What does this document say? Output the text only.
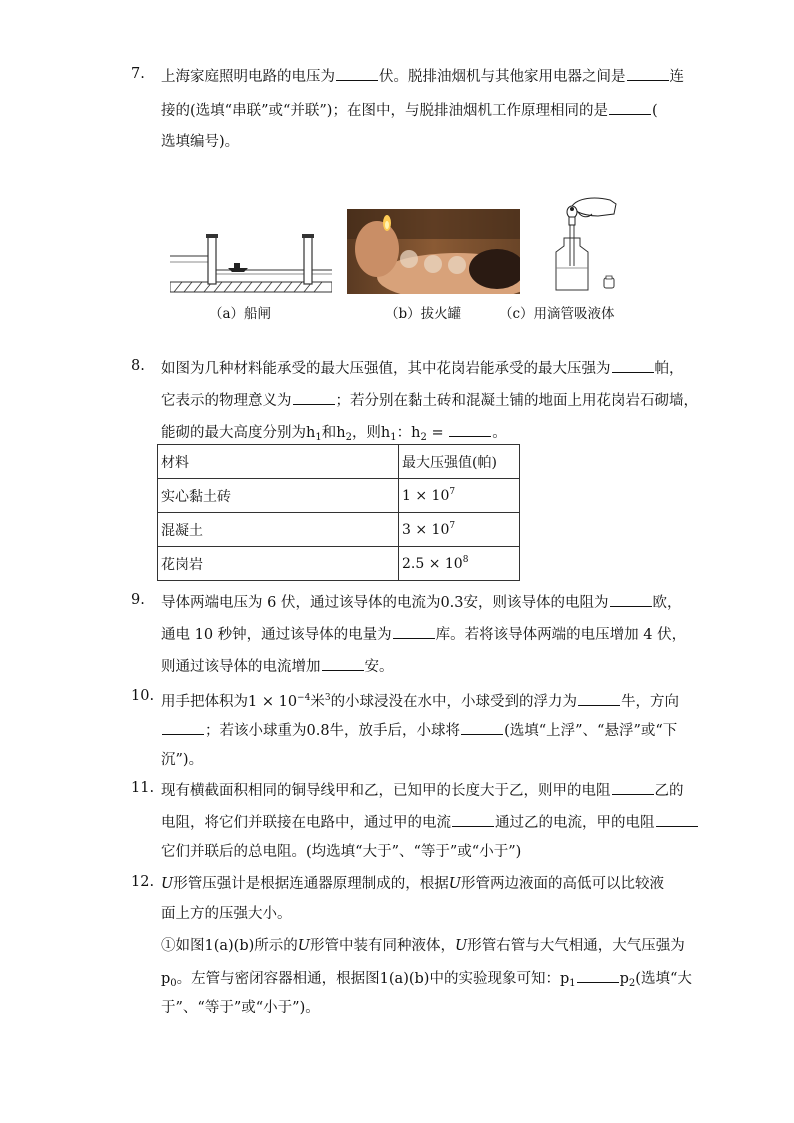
7. 上海家庭照明电路的电压为	伏。脱排油烟机与其他家用电器之间是	连
接的(选填“串联”或“并联”)；在图中，与脱排油烟机工作原理相同的是	(
选填编号)。
（a）船闸	（b）拔火罐	（c）用滴管吸液体
8. 如图为几种材料能承受的最大压强值，其中花岗岩能承受的最大压强为	帕，
它表示的物理意义为	；若分别在黏土砖和混凝土铺的地面上用花岗岩石砌墙，
能砌的最大高度分别为$h_1$和$h_2$，则$h_1$：$h_2$ =	。
材料	最大压强值(帕)
实心黏土砖	$1 \times 10^7$
混凝土	$3 \times 10^7$
花岗岩	$2.5 \times 10^8$
9. 导体两端电压为 6 伏，通过该导体的电流为0.3安，则该导体的电阻为	欧，
通电 10 秒钟，通过该导体的电量为	库。若将该导体两端的电压增加 4 伏，
则通过该导体的电流增加	安。
10. 用手把体积为$1 \times 10^{-4}$米$^3$的小球浸没在水中，小球受到的浮力为	牛，方向
；若该小球重为0.8牛，放手后，小球将	(选填“上浮”、“悬浮”或“下
沉”)。
11. 现有横截面积相同的铜导线甲和乙，已知甲的长度大于乙，则甲的电阻	乙的
电阻，将它们并联接在电路中，通过甲的电流	通过乙的电流，甲的电阻
它们并联后的总电阻。(均选填“大于”、“等于”或“小于”)
12. U形管压强计是根据连通器原理制成的，根据U形管两边液面的高低可以比较液
面上方的压强大小。
①如图1(a)(b)所示的U形管中装有同种液体，U形管右管与大气相通，大气压强为
$p_0$。左管与密闭容器相通，根据图1(a)(b)中的实验现象可知：$p_1$	$p_2$(选填“大
于”、“等于”或“小于”)。
